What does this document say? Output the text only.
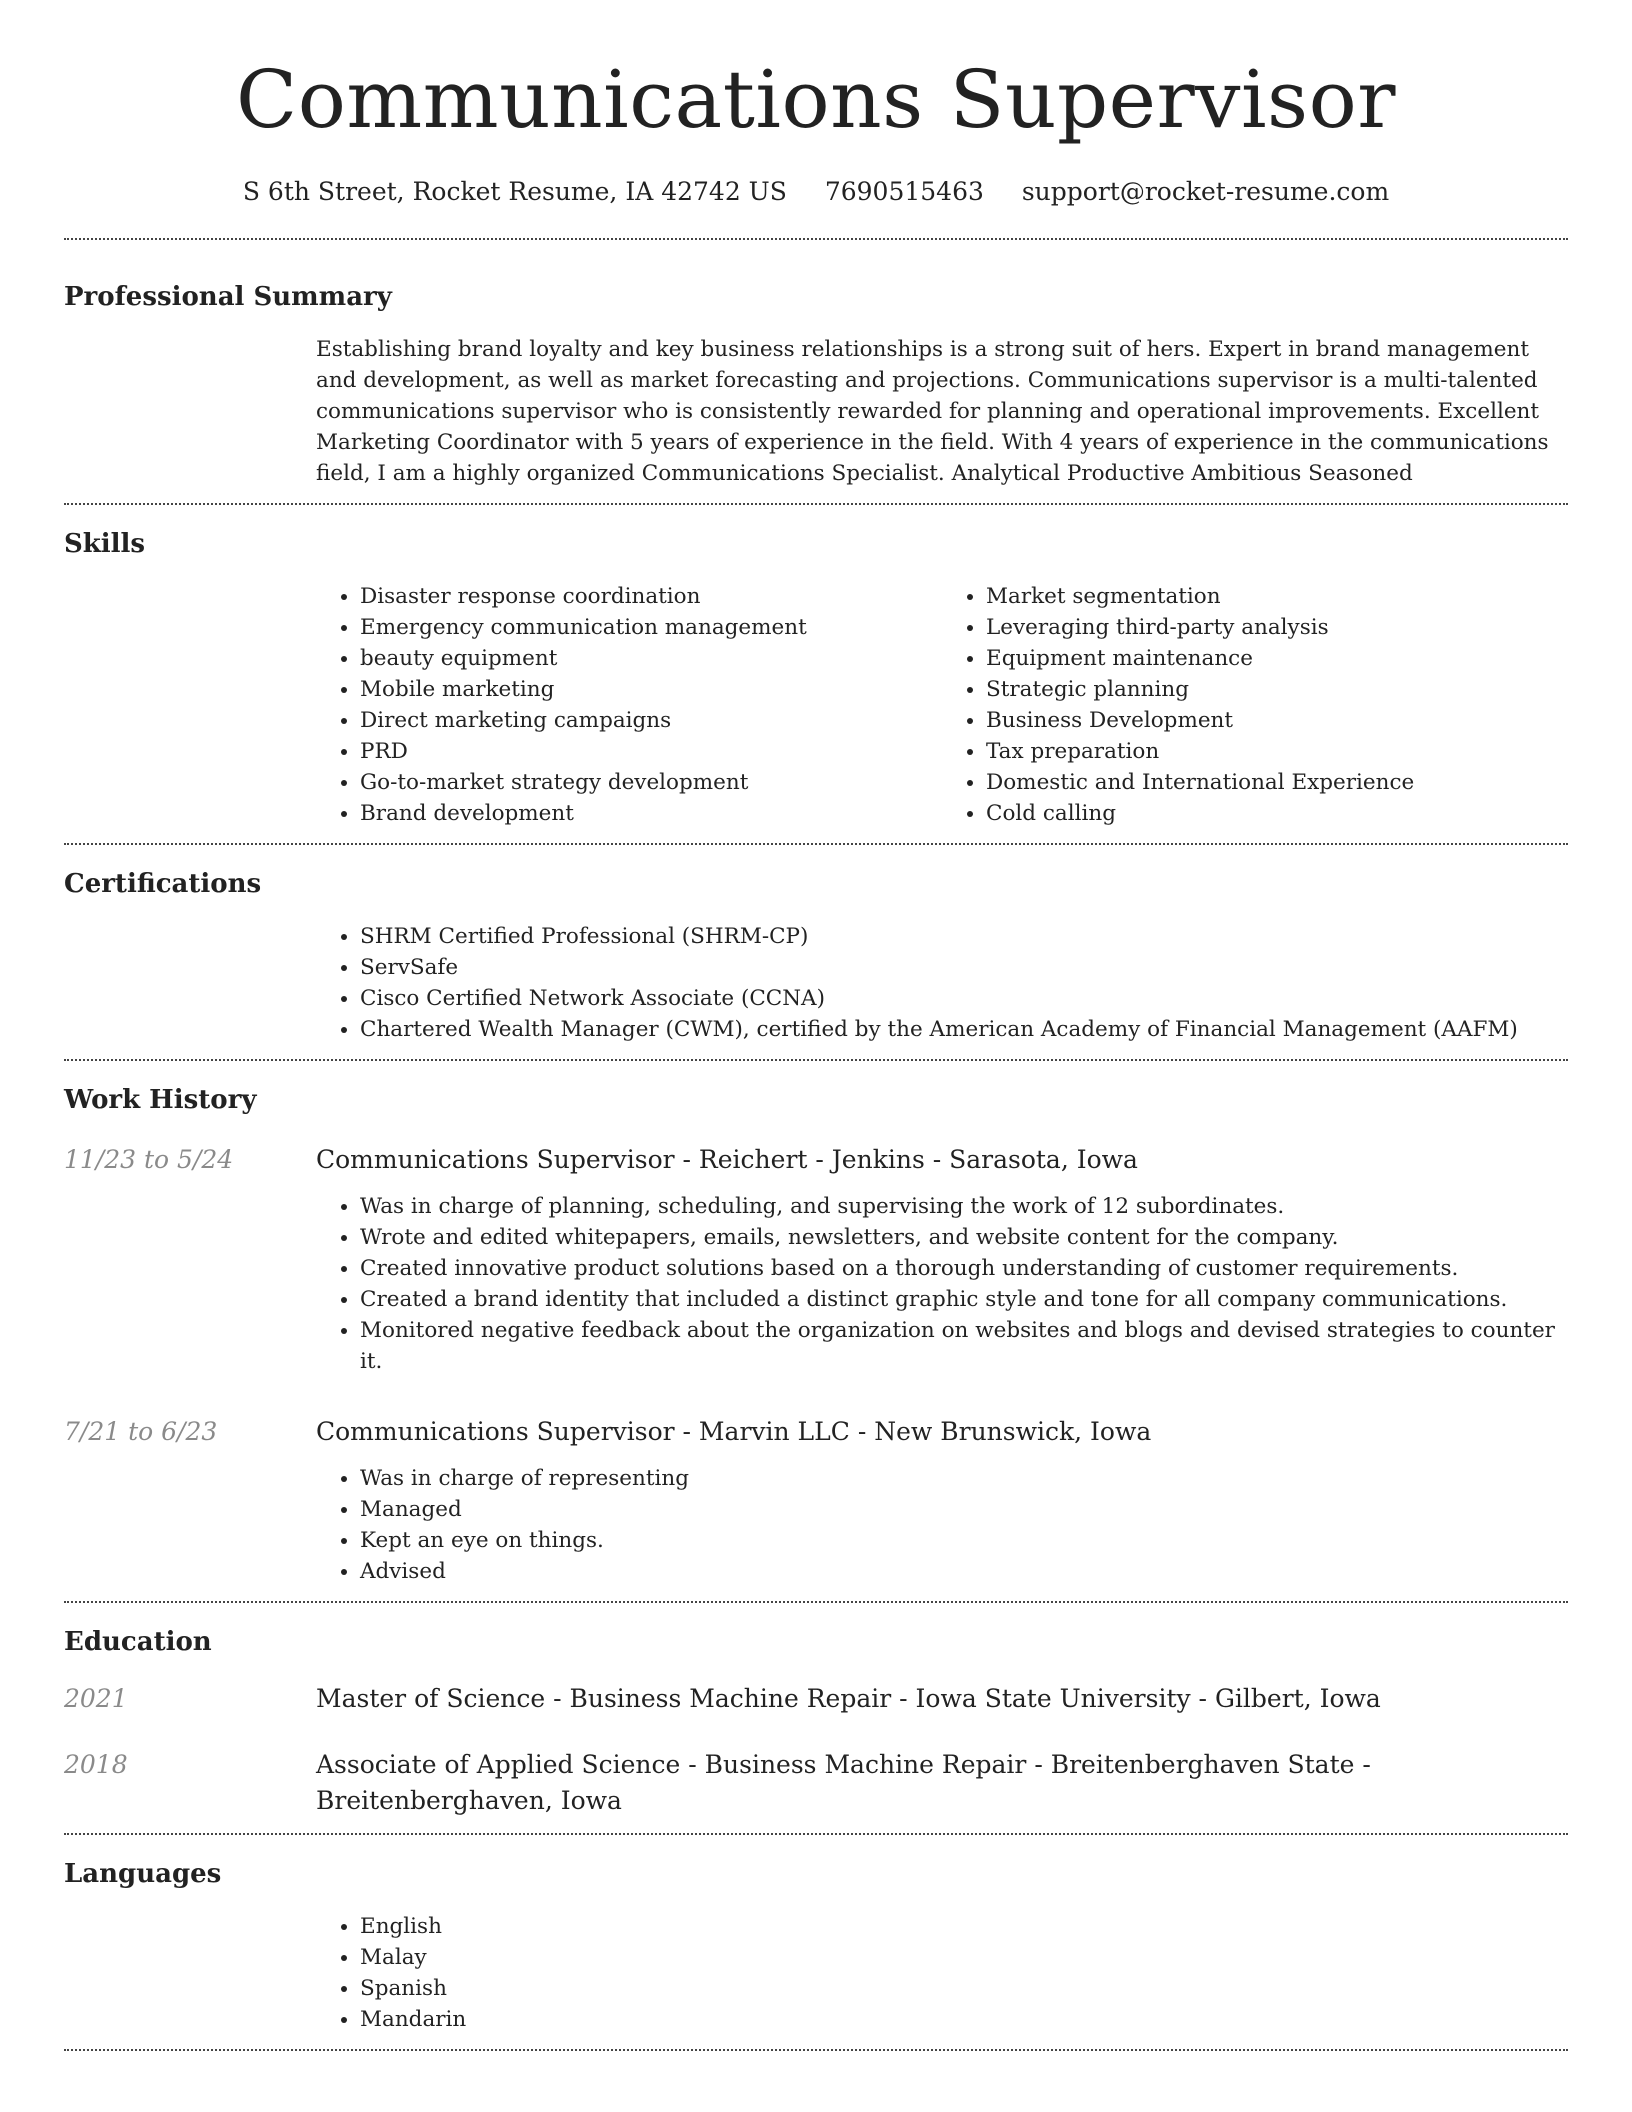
Communications Supervisor
S 6th Street, Rocket Resume, IA 42742 US 7690515463 support@rocket-resume.com
Professional Summary
Establishing brand loyalty and key business relationships is a strong suit of hers. Expert in brand management and development, as well as market forecasting and projections. Communications supervisor is a multi-talented communications supervisor who is consistently rewarded for planning and operational improvements. Excellent Marketing Coordinator with 5 years of experience in the field. With 4 years of experience in the communications field, I am a highly organized Communications Specialist. Analytical Productive Ambitious Seasoned
Skills
• Disaster response coordination
• Emergency communication management
• beauty equipment
• Mobile marketing
• Direct marketing campaigns
• PRD
• Go-to-market strategy development
• Brand development
• Market segmentation
• Leveraging third-party analysis
• Equipment maintenance
• Strategic planning
• Business Development
• Tax preparation
• Domestic and International Experience
• Cold calling
Certifications
• SHRM Certified Professional (SHRM-CP)
• ServSafe
• Cisco Certified Network Associate (CCNA)
• Chartered Wealth Manager (CWM), certified by the American Academy of Financial Management (AAFM)
Work History
11/23 to 5/24	Communications Supervisor - Reichert - Jenkins - Sarasota, Iowa
• Was in charge of planning, scheduling, and supervising the work of 12 subordinates.
• Wrote and edited whitepapers, emails, newsletters, and website content for the company.
• Created innovative product solutions based on a thorough understanding of customer requirements.
• Created a brand identity that included a distinct graphic style and tone for all company communications.
• Monitored negative feedback about the organization on websites and blogs and devised strategies to counter it.
7/21 to 6/23	Communications Supervisor - Marvin LLC - New Brunswick, Iowa
• Was in charge of representing
• Managed
• Kept an eye on things.
• Advised
Education
2021	Master of Science - Business Machine Repair - Iowa State University - Gilbert, Iowa
2018	Associate of Applied Science - Business Machine Repair - Breitenberghaven State - Breitenberghaven, Iowa
Languages
• English
• Malay
• Spanish
• Mandarin
